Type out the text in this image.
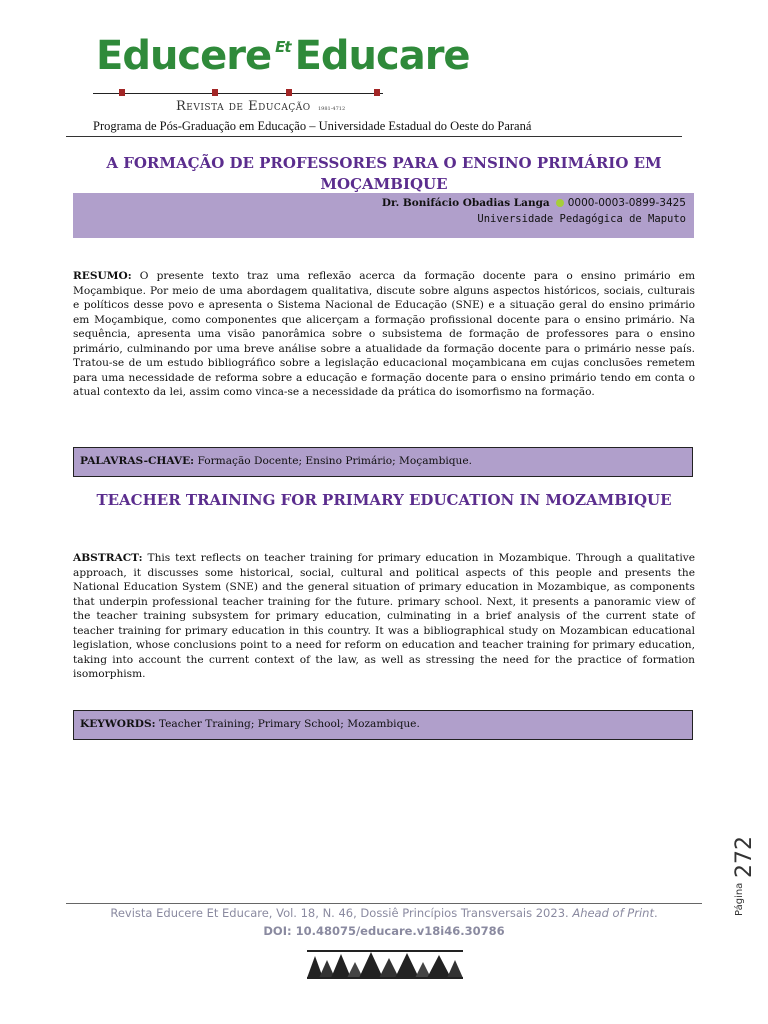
Educere $^{Et}$ Educare
Revista de Educação 1981-4712
Programa de Pós-Graduação em Educação – Universidade Estadual do Oeste do Paraná
A FORMAÇÃO DE PROFESSORES PARA O ENSINO PRIMÁRIO EM MOÇAMBIQUE
Dr. Bonifácio Obadias Langa 0000-0003-0899-3425
Universidade Pedagógica de Maputo
RESUMO: O presente texto traz uma reflexão acerca da formação docente para o ensino primário em Moçambique. Por meio de uma abordagem qualitativa, discute sobre alguns aspectos históricos, sociais, culturais e políticos desse povo e apresenta o Sistema Nacional de Educação (SNE) e a situação geral do ensino primário em Moçambique, como componentes que alicerçam a formação profissional docente para o ensino primário. Na sequência, apresenta uma visão panorâmica sobre o subsistema de formação de professores para o ensino primário, culminando por uma breve análise sobre a atualidade da formação docente para o primário nesse país. Tratou-se de um estudo bibliográfico sobre a legislação educacional moçambicana em cujas conclusões remetem para uma necessidade de reforma sobre a educação e formação docente para o ensino primário tendo em conta o atual contexto da lei, assim como vinca-se a necessidade da prática do isomorfismo na formação.
PALAVRAS-CHAVE: Formação Docente; Ensino Primário; Moçambique.
TEACHER TRAINING FOR PRIMARY EDUCATION IN MOZAMBIQUE
ABSTRACT: This text reflects on teacher training for primary education in Mozambique. Through a qualitative approach, it discusses some historical, social, cultural and political aspects of this people and presents the National Education System (SNE) and the general situation of primary education in Mozambique, as components that underpin professional teacher training for the future. primary school. Next, it presents a panoramic view of the teacher training subsystem for primary education, culminating in a brief analysis of the current state of teacher training for primary education in this country. It was a bibliographical study on Mozambican educational legislation, whose conclusions point to a need for reform on education and teacher training for primary education, taking into account the current context of the law, as well as stressing the need for the practice of formation isomorphism.
KEYWORDS: Teacher Training; Primary School; Mozambique.
Página
272
Revista Educere Et Educare, Vol. 18, N. 46, Dossiê Princípios Transversais 2023. Ahead of Print.
DOI: 10.48075/educare.v18i46.30786
